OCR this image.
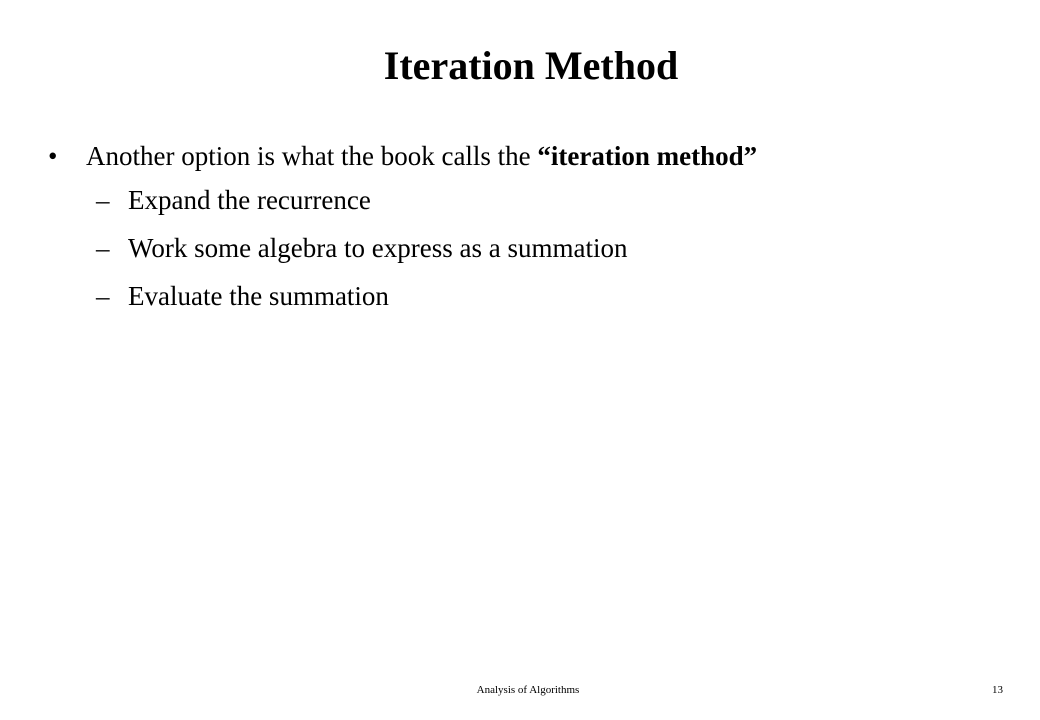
Iteration Method
• Another option is what the book calls the “iteration method”
– Expand the recurrence
– Work some algebra to express as a summation
– Evaluate the summation
Analysis of Algorithms	13
